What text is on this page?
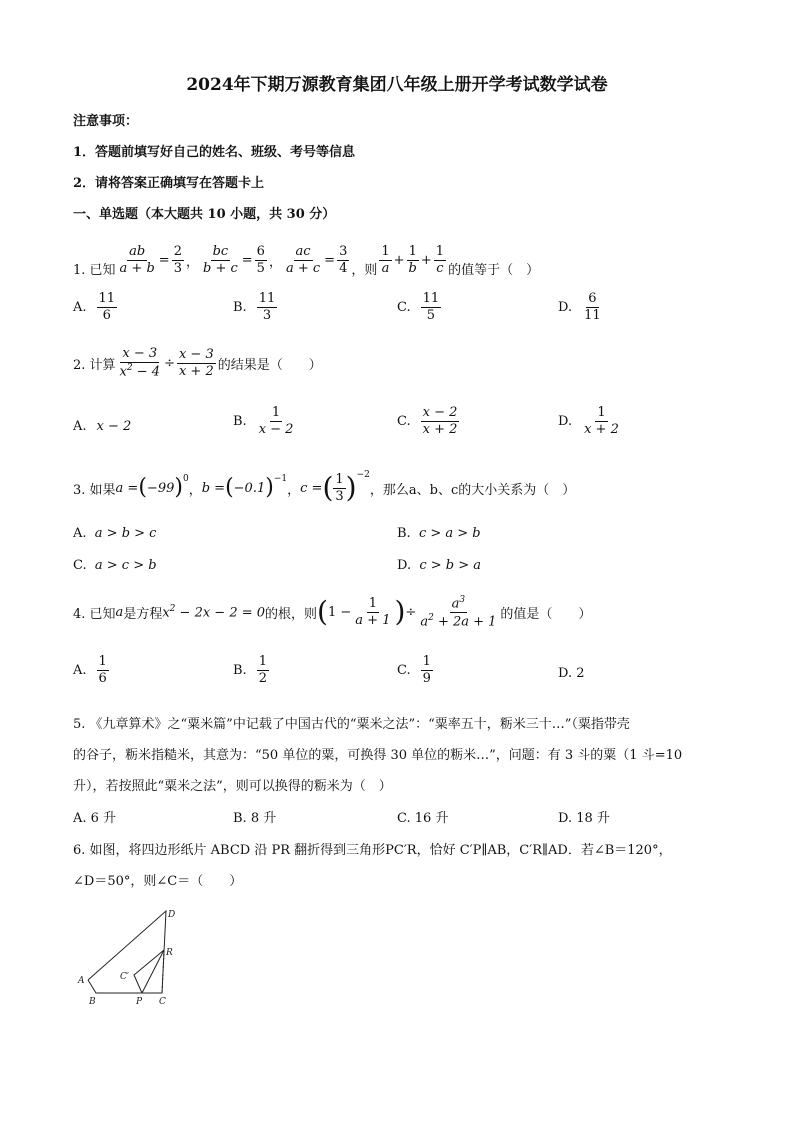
2024年下期万源教育集团八年级上册开学考试数学试卷
注意事项：
1．答题前填写好自己的姓名、班级、考号等信息
2．请将答案正确填写在答题卡上
一、单选题（本大题共 10 小题，共 30 分）
1. 已知 $\frac{ab}{a + b} = \frac{2}{3}$ ， $\frac{bc}{b + c} = \frac{6}{5}$ ， $\frac{ac}{a + c} = \frac{3}{4}$ ，则 $\frac{1}{a} + \frac{1}{b} + \frac{1}{c}$ 的值等于（　）
A. $\frac{11}{6}$	B. $\frac{11}{3}$	C. $\frac{11}{5}$	D. $\frac{6}{11}$
2. 计算 $\frac{x - 3}{x^2 - 4} \div \frac{x - 3}{x + 2}$ 的结果是（　　）
A. x − 2	B. $\frac{1}{x - 2}$	C. $\frac{x - 2}{x + 2}$	D. $\frac{1}{x + 2}$
3. 如果 a = ( −99 )$^0$
， b = ( −0.1 )$^{-1}$
， c = ( $\frac{1}{3} )^{-2}$
，那么a、b、c的大小关系为（　）
A. a > b > c	B. c > a > b
C. a > c > b	D. c > b > a
4. 已知 a 是方程 $x^2 - 2x - 2 = 0$ 的根，则 ( $1 - \frac{1}{a + 1}$ ) ÷ $\frac{a^3}{a^2 + 2a + 1}$ 的值是（　　）
A. $\frac{1}{6}$	B. $\frac{1}{2}$	C. $\frac{1}{9}$	D. 2
5. 《九章算术》之“粟米篇”中记载了中国古代的“粟米之法”：“粟率五十，粝米三十…”（粟指带壳
的谷子，粝米指糙米，其意为：“50 单位的粟，可换得 30 单位的粝米…”，问题：有 3 斗的粟（1 斗=10
升），若按照此“粟米之法”，则可以换得的粝米为（　）
A. 6 升	B. 8 升	C. 16 升	D. 18 升
6. 如图，将四边形纸片 ABCD 沿 PR 翻折得到三角形PC′R，恰好 C′P∥AB，C′R∥AD．若∠B＝120°，
∠D＝50°，则∠C＝（　　）
A
B	C
D
R
P
C′
